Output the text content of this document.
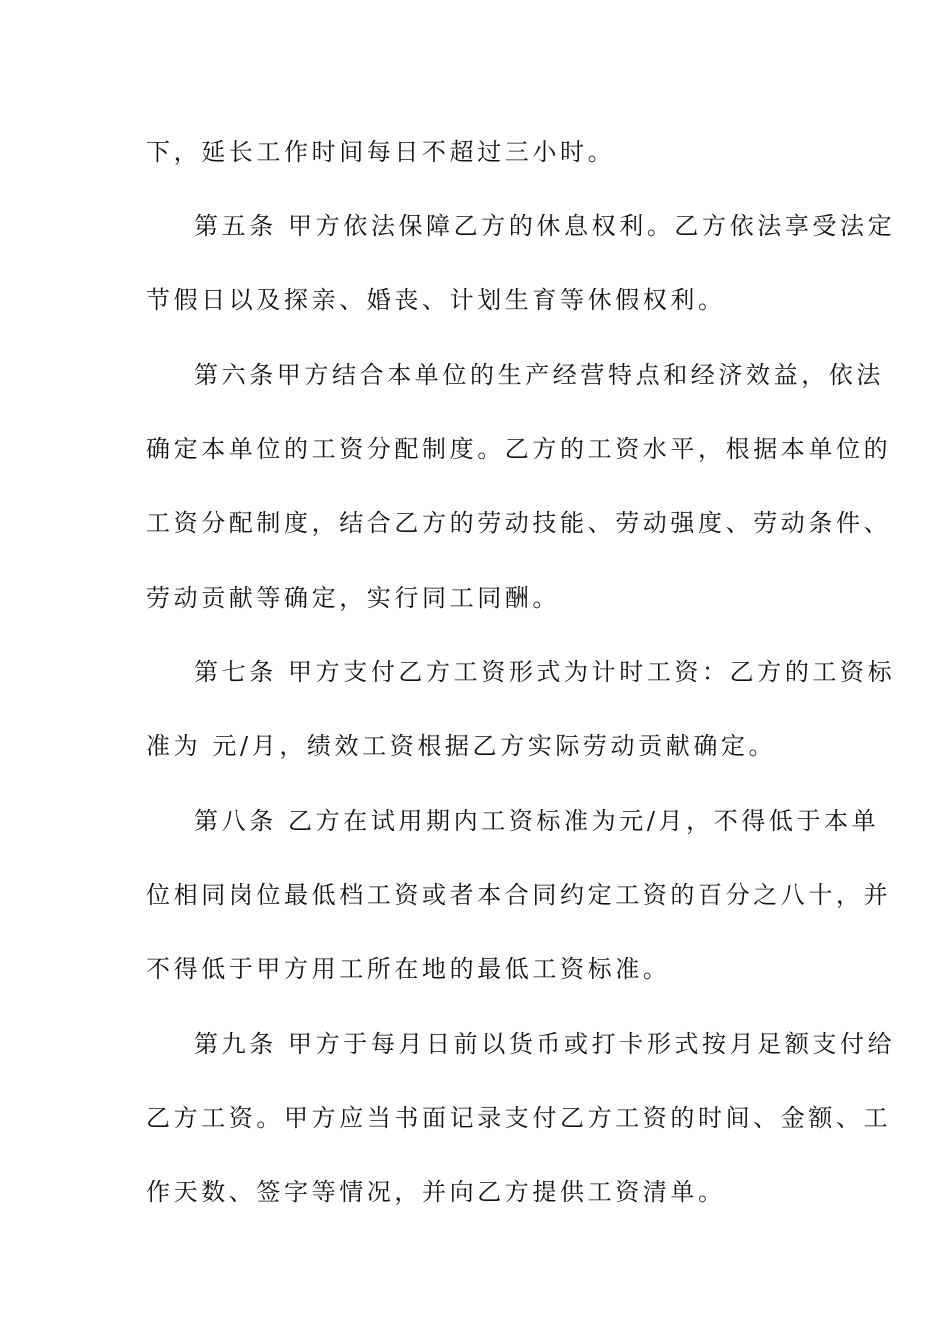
下，延长工作时间每日不超过三小时。
第五条 甲方依法保障乙方的休息权利。乙方依法享受法定
节假日以及探亲、婚丧、计划生育等休假权利。
第六条甲方结合本单位的生产经营特点和经济效益，依法
确定本单位的工资分配制度。乙方的工资水平，根据本单位的
工资分配制度，结合乙方的劳动技能、劳动强度、劳动条件、
劳动贡献等确定，实行同工同酬。
第七条 甲方支付乙方工资形式为计时工资：乙方的工资标
准为 元/月，绩效工资根据乙方实际劳动贡献确定。
第八条 乙方在试用期内工资标准为元/月，不得低于本单
位相同岗位最低档工资或者本合同约定工资的百分之八十，并
不得低于甲方用工所在地的最低工资标准。
第九条 甲方于每月日前以货币或打卡形式按月足额支付给
乙方工资。甲方应当书面记录支付乙方工资的时间、金额、工
作天数、签字等情况，并向乙方提供工资清单。
